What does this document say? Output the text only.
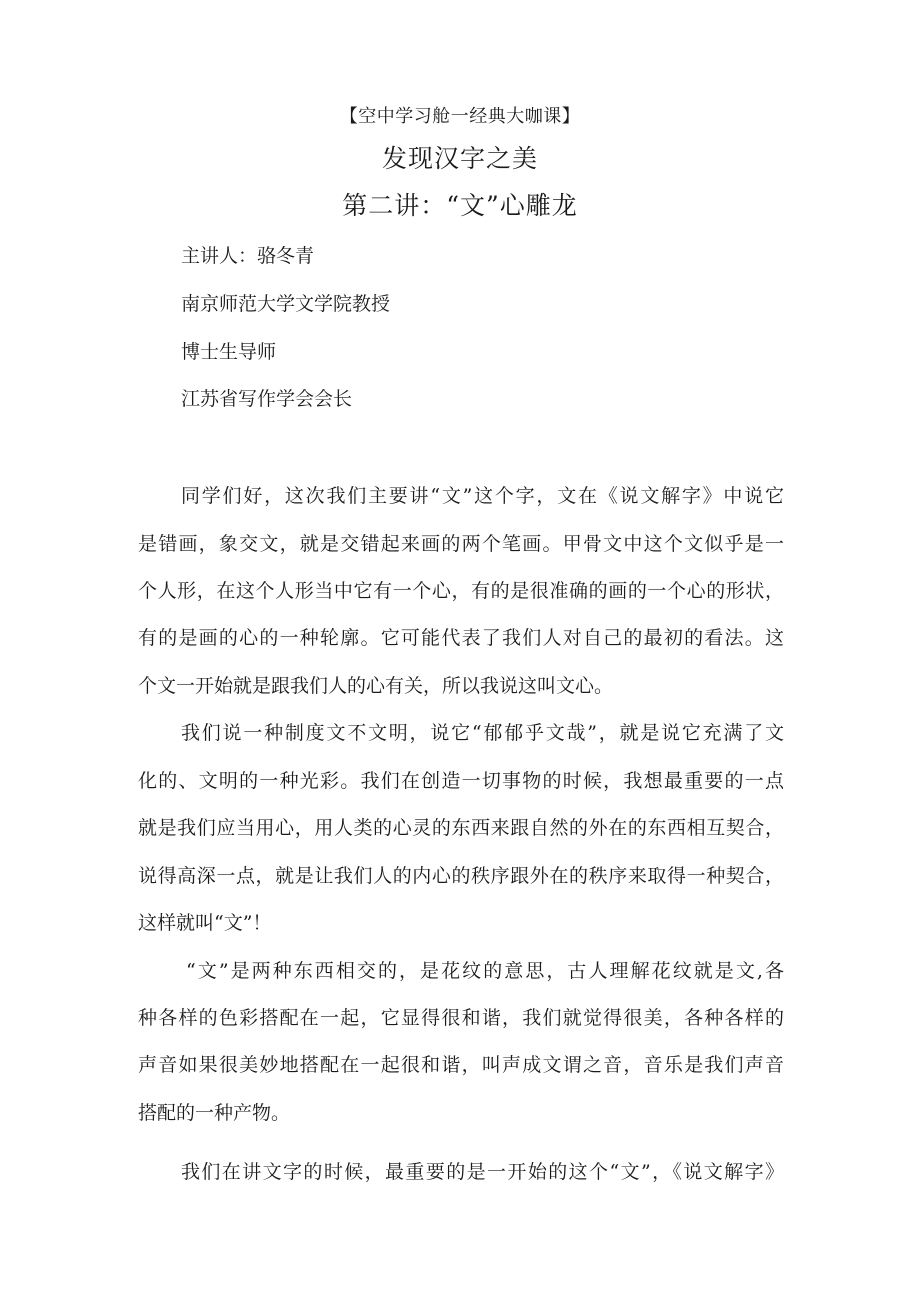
【空中学习舱一经典大咖课】
发现汉字之美
第二讲：“文”心雕龙
主讲人：骆冬青
南京师范大学文学院教授
博士生导师
江苏省写作学会会长
同学们好，这次我们主要讲“文”这个字，文在《说文解字》中说它
是错画，象交文，就是交错起来画的两个笔画。甲骨文中这个文似乎是一
个人形，在这个人形当中它有一个心，有的是很准确的画的一个心的形状，
有的是画的心的一种轮廓。它可能代表了我们人对自己的最初的看法。这
个文一开始就是跟我们人的心有关，所以我说这叫文心。
我们说一种制度文不文明，说它“郁郁乎文哉”，就是说它充满了文
化的、文明的一种光彩。我们在创造一切事物的时候，我想最重要的一点
就是我们应当用心，用人类的心灵的东西来跟自然的外在的东西相互契合，
说得高深一点，就是让我们人的内心的秩序跟外在的秩序来取得一种契合，
这样就叫“文”！
“文”是两种东西相交的，是花纹的意思，古人理解花纹就是文,各
种各样的色彩搭配在一起，它显得很和谐，我们就觉得很美，各种各样的
声音如果很美妙地搭配在一起很和谐，叫声成文谓之音，音乐是我们声音
搭配的一种产物。
我们在讲文字的时候，最重要的是一开始的这个“文”，《说文解字》
